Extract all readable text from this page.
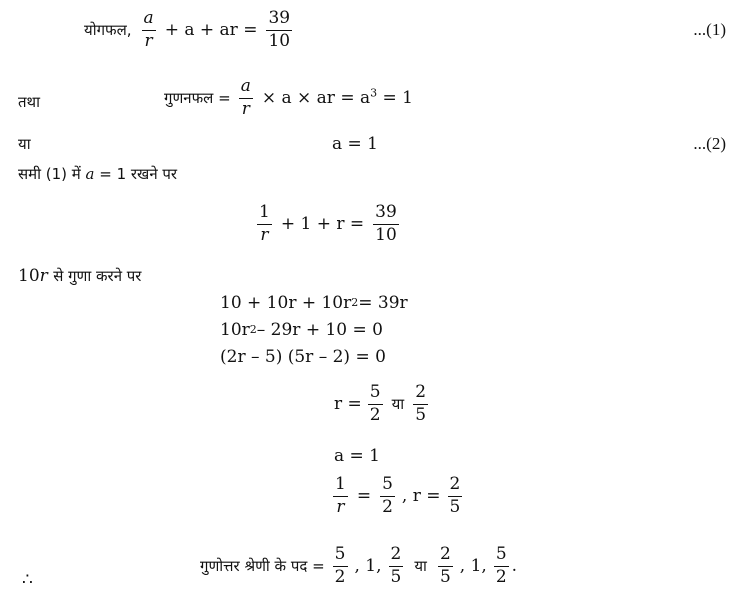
योगफल, $\frac{a}{r} + a$ + ar = $\frac{39}{10}$	...(1)
तथा	गुणनफल = $\frac{a}{r} \times a$ × ar = $a^3 = 1$
या	a = 1	...(2)
समी (1) में
a
= 1 रखने पर
$\frac{1}{r} + 1 + r = \frac{39}{10}$
10 r
से गुणा करने पर
10 + 10r + 10r 2 = 39r
10r 2 – 29r + 10 = 0
(2r – 5) (5r – 2) = 0
$r = \frac{5}{2}$ या $\frac{2}{5}$
a = 1
$\frac{1}{r} = \frac{5}{2}$ , $r = \frac{2}{5}$
∴
गुणोत्तर श्रेणी के पद = $\frac{5}{2}$ , 1, $\frac{2}{5}$ या $\frac{2}{5}$ , 1, $\frac{5}{2}$ .
